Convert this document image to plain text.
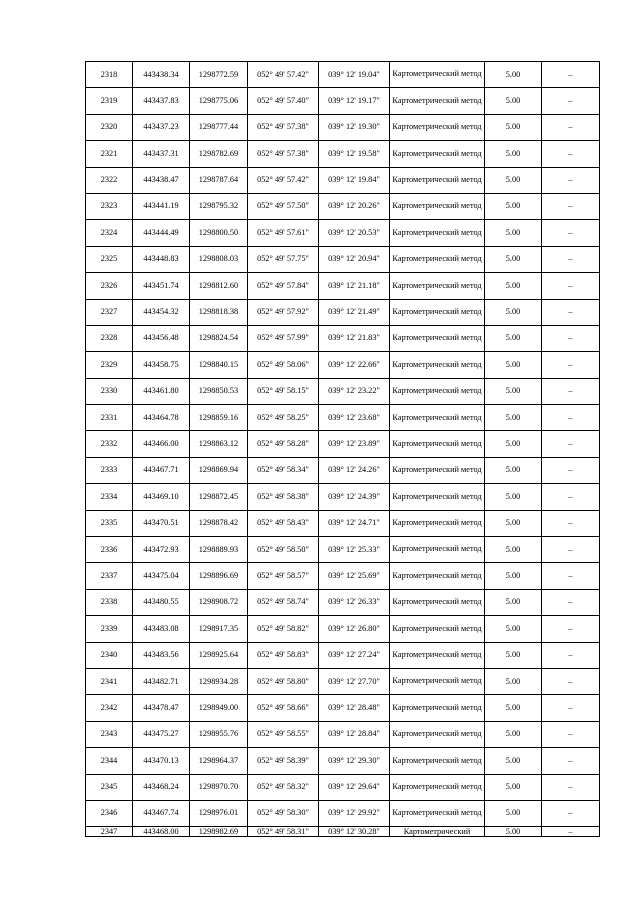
2318	443438.34	1298772.59	052° 49' 57.42"	039° 12' 19.04"	Картометрический метод	5.00	–
2319	443437.83	1298775.06	052° 49' 57.40"	039° 12' 19.17"	Картометрический метод	5.00	–
2320	443437.23	1298777.44	052° 49' 57.38"	039° 12' 19.30"	Картометрический метод	5.00	–
2321	443437.31	1298782.69	052° 49' 57.38"	039° 12' 19.58"	Картометрический метод	5.00	–
2322	443438.47	1298787.64	052° 49' 57.42"	039° 12' 19.84"	Картометрический метод	5.00	–
2323	443441.19	1298795.32	052° 49' 57.50"	039° 12' 20.26"	Картометрический метод	5.00	–
2324	443444.49	1298800.50	052° 49' 57.61"	039° 12' 20.53"	Картометрический метод	5.00	–
2325	443448.83	1298808.03	052° 49' 57.75"	039° 12' 20.94"	Картометрический метод	5.00	–
2326	443451.74	1298812.60	052° 49' 57.84"	039° 12' 21.18"	Картометрический метод	5.00	–
2327	443454.32	1298818.38	052° 49' 57.92"	039° 12' 21.49"	Картометрический метод	5.00	–
2328	443456.48	1298824.54	052° 49' 57.99"	039° 12' 21.83"	Картометрический метод	5.00	–
2329	443458.75	1298840.15	052° 49' 58.06"	039° 12' 22.66"	Картометрический метод	5.00	–
2330	443461.80	1298850.53	052° 49' 58.15"	039° 12' 23.22"	Картометрический метод	5.00	–
2331	443464.78	1298859.16	052° 49' 58.25"	039° 12' 23.68"	Картометрический метод	5.00	–
2332	443466.00	1298863.12	052° 49' 58.28"	039° 12' 23.89"	Картометрический метод	5.00	–
2333	443467.71	1298869.94	052° 49' 58.34"	039° 12' 24.26"	Картометрический метод	5.00	–
2334	443469.10	1298872.45	052° 49' 58.38"	039° 12' 24.39"	Картометрический метод	5.00	–
2335	443470.51	1298878.42	052° 49' 58.43"	039° 12' 24.71"	Картометрический метод	5.00	–
2336	443472.93	1298889.93	052° 49' 58.50"	039° 12' 25.33"	Картометрический метод	5.00	–
2337	443475.04	1298896.69	052° 49' 58.57"	039° 12' 25.69"	Картометрический метод	5.00	–
2338	443480.55	1298908.72	052° 49' 58.74"	039° 12' 26.33"	Картометрический метод	5.00	–
2339	443483.08	1298917.35	052° 49' 58.82"	039° 12' 26.80"	Картометрический метод	5.00	–
2340	443483.56	1298925.64	052° 49' 58.83"	039° 12' 27.24"	Картометрический метод	5.00	–
2341	443482.71	1298934.28	052° 49' 58.80"	039° 12' 27.70"	Картометрический метод	5.00	–
2342	443478.47	1298949.00	052° 49' 58.66"	039° 12' 28.48"	Картометрический метод	5.00	–
2343	443475.27	1298955.76	052° 49' 58.55"	039° 12' 28.84"	Картометрический метод	5.00	–
2344	443470.13	1298964.37	052° 49' 58.39"	039° 12' 29.30"	Картометрический метод	5.00	–
2345	443468.24	1298970.70	052° 49' 58.32"	039° 12' 29.64"	Картометрический метод	5.00	–
2346	443467.74	1298976.01	052° 49' 58.30"	039° 12' 29.92"	Картометрический метод	5.00	–
2347	443468.00	1298982.69	052° 49' 58.31"	039° 12' 30.28"	Картометрический	5.00	–
